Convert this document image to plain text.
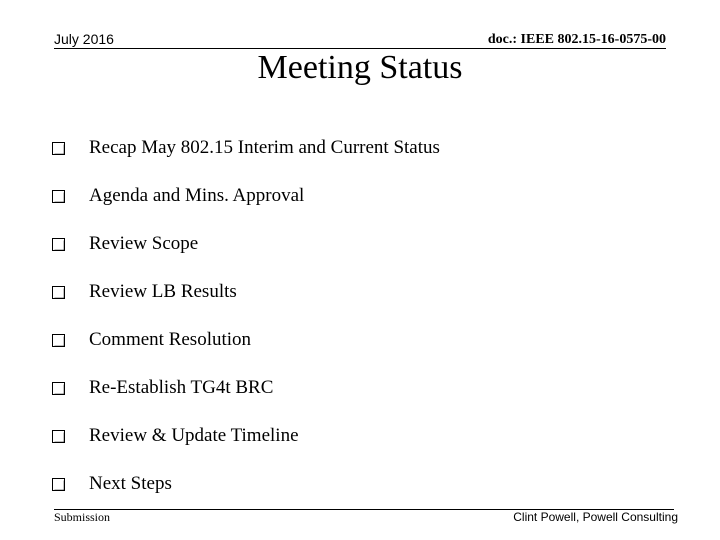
July 2016	doc.: IEEE 802.15-16-0575-00
Meeting Status
Recap May 802.15 Interim and Current Status
Agenda and Mins. Approval
Review Scope
Review LB Results
Comment Resolution
Re-Establish TG4t BRC
Review & Update Timeline
Next Steps
Submission	Clint Powell, Powell Consulting
